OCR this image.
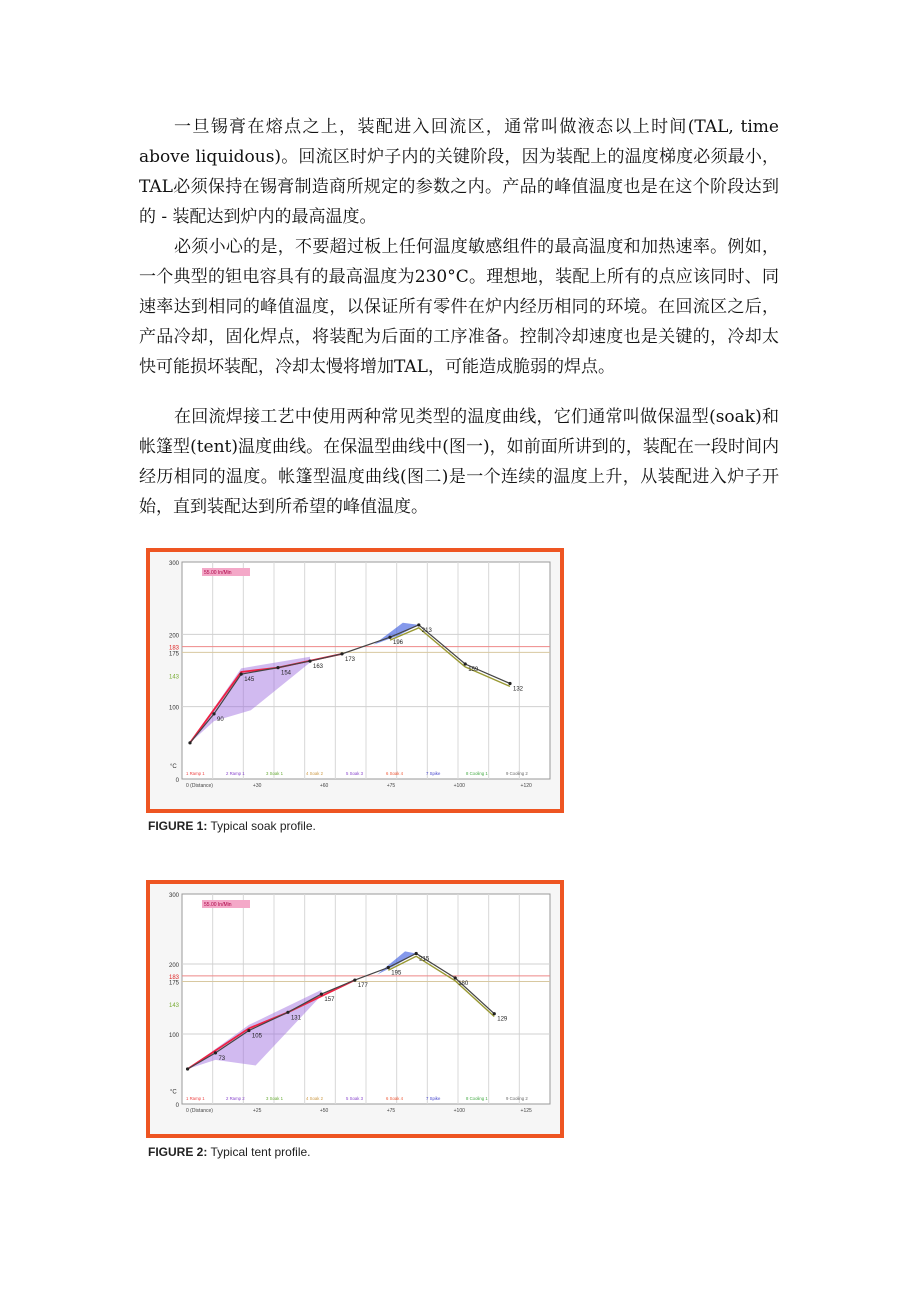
一旦锡膏在熔点之上，装配进入回流区，通常叫做液态以上时间(TAL, time above liquidous)。回流区时炉子内的关键阶段，因为装配上的温度梯度必须最小，TAL必须保持在锡膏制造商所规定的参数之内。产品的峰值温度也是在这个阶段达到的 - 装配达到炉内的最高温度。

必须小心的是，不要超过板上任何温度敏感组件的最高温度和加热速率。例如，一个典型的钽电容具有的最高温度为230°C。理想地，装配上所有的点应该同时、同速率达到相同的峰值温度，以保证所有零件在炉内经历相同的环境。在回流区之后，产品冷却，固化焊点，将装配为后面的工序准备。控制冷却速度也是关键的，冷却太快可能损坏装配，冷却太慢将增加TAL，可能造成脆弱的焊点。

在回流焊接工艺中使用两种常见类型的温度曲线，它们通常叫做保温型(soak)和帐篷型(tent)温度曲线。在保温型曲线中(图一)，如前面所讲到的，装配在一段时间内经历相同的温度。帐篷型温度曲线(图二)是一个连续的温度上升，从装配进入炉子开始，直到装配达到所希望的峰值温度。

0
100
143
175
183
200
300
°C
55.00 In/Min
90
145
154
163
173
196
213
159
132
1 Ramp 1	2 Ramp 1	3 Soak 1	4 Soak 2	5 Soak 3	6 Soak 4	7 Spike	8 Cooling 1	9 Cooling 2
0 (Distance)	+30	+60	+75	+100	+120

FIGURE 1: Typical soak profile.

0
100
143
175
183
200
300
°C
55.00 In/Min
73
105
131
157
177
195
215
180
129
1 Ramp 1	2 Ramp 2	3 Soak 1	4 Soak 2	5 Soak 3	6 Soak 4	7 Spike	8 Cooling 1	9 Cooling 2
0 (Distance)	+25	+50	+75	+100	+125

FIGURE 2: Typical tent profile.
